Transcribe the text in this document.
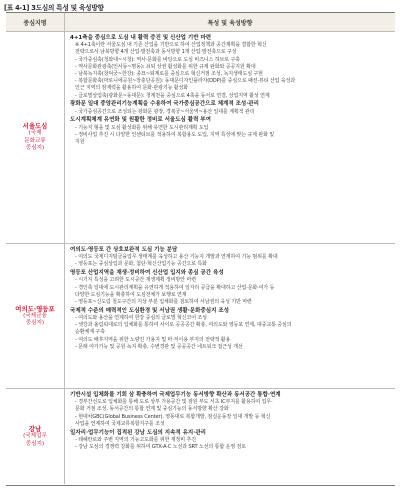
[표 4-1] 3도심의 특성 및 육성방향
중심지명	특성 및 육성방향
서울도심
(국제
문화교류
중심지)
4+1축을 중심으로 도심 내 활력 증진 및 신산업 기반 마련
※ 4+1축이란 서울도심 내 기존 산업을 기반으로 하여 산업정책과 공간계획을 결합한 혁신
전략으로서 남북방향 4개 산업·발전축과 동서방향 1개 산업·발전축으로 구성
- 국가중심축(청와대~시청): 역사·문화를 바탕으로 도심 비즈니스 허브로 구축
- 역사문화관광축(인사동~명동): 쇠퇴 상권 활성화를 위한 규제 완화와 공공지원 확대
- 남북녹지축(창덕궁~한강): 종묘~퇴계로를 중심으로 혁신거점 조성, 녹지생태도심 구현
- 복합문화축(마로니에공원~장충단공원): 동대문디자인플라자(DDP)를 중심으로 패션·뷰티 산업 육성과
인근 지역의 잠재력을 활용하여 문화·관광기능 활성화
- 글로벌상업축(광화문~동대문): 청계천을 중심으로 4축을 동서로 연결, 상업지역 활성 연계
광화문 일대 중앙관리기능계획을 수용하여 국가중심공간으로 체계적 조성·관리
- 국가중심공간으로 조성되는 광화문 광장, 경복궁~서울역~용산 일대를 계획적 관리
도시계획체계 유연화 및 원활한 정비로 서울도심 활력 부여
- 기능지 형을 및 도심 활성화를 위해 유연한 도시관리계획 도입
- 정비사업 추진 시 다양한 인센티브를 적용하여 복합용도 도입, 지역 특성에 맞는 규제 완화 및
지원
여의도·영등포
(국제금융
중심지)
여의도·영등포 간 상호보완적 도심 기능 분담
- 여의도 국제디지털금융업무 생태계를 육성하고 용산 기능지 개발과 연계하여 기능 범위를 확대
- 영등포는 중심상업과 문화, 첨단·혁신산업기능 공간으로 특화
영등포 산업지역을 재생·정비하여 신산업 입지와 종심 공간 육성
- 시기지 특성을 고려한 도시공간 재생계획 정비방안 마련
- 경인축 일대에 도시관리계획을 유연하게 적용하여 일자리 공급을 확대하고 산업·문화·여가 등
다양한 도심기능을 확충하여 도심전체가 보행로 연계
- 영등포~신도림 철도구간의 지상 부분 입체화를 검토하여 서남권의 육성 기반 마련
국제적 수준의 매력적인 도심환경 및 서남권 생활·문화중심지 조성
- 여의도와 용산을 연계하여 한강 중심의 글로벌 혁신코어 조성
- 샛강과 올림픽대로의 입체화를 통하여 사이로 공공공간 확충, 여의도와 영등포 연계, 대중교통 중심의
순환체계 구축
- 여의도 배후지역을 위한 노량진 가용지 및 마·저이용 부지의 전략적 활용
- 문래 여가기능 및 공원·녹지 확충, 수변경관 및 공공공간 네트워크 접근성 개선
강남
(국제업무
중심지)
기반시설 입체화를 기회 삼 확충하여 국제업무기능 동서방향 확산과 동서공간 통합·연계
- 경부간선도로 입체화를 통해 도로 상부 가용공간 및 잠원 부도 서초 IC부지를 활용하여 업무·
문화 거점 조성, 동서공간의 통합 연계 및 중심기능의 동서방향 확산 강화
- 현대차GBC(Global Business Center), 영동대로 복합개발, 잠실운동장 일대 개발 등 혁신
사업을 연계하여 국제교류복합지구를 조성
일자리·업무기능이 집적된 강남 도심의 지속적 유지·관리
- 테헤란로와 주변 지역의 기능고도화를 위한 재정비 추진
- 강남 도심의 경쟁력 강화를 위하여 GTX-A·C 노선과 SRT 노선의 통합 운영 검토
